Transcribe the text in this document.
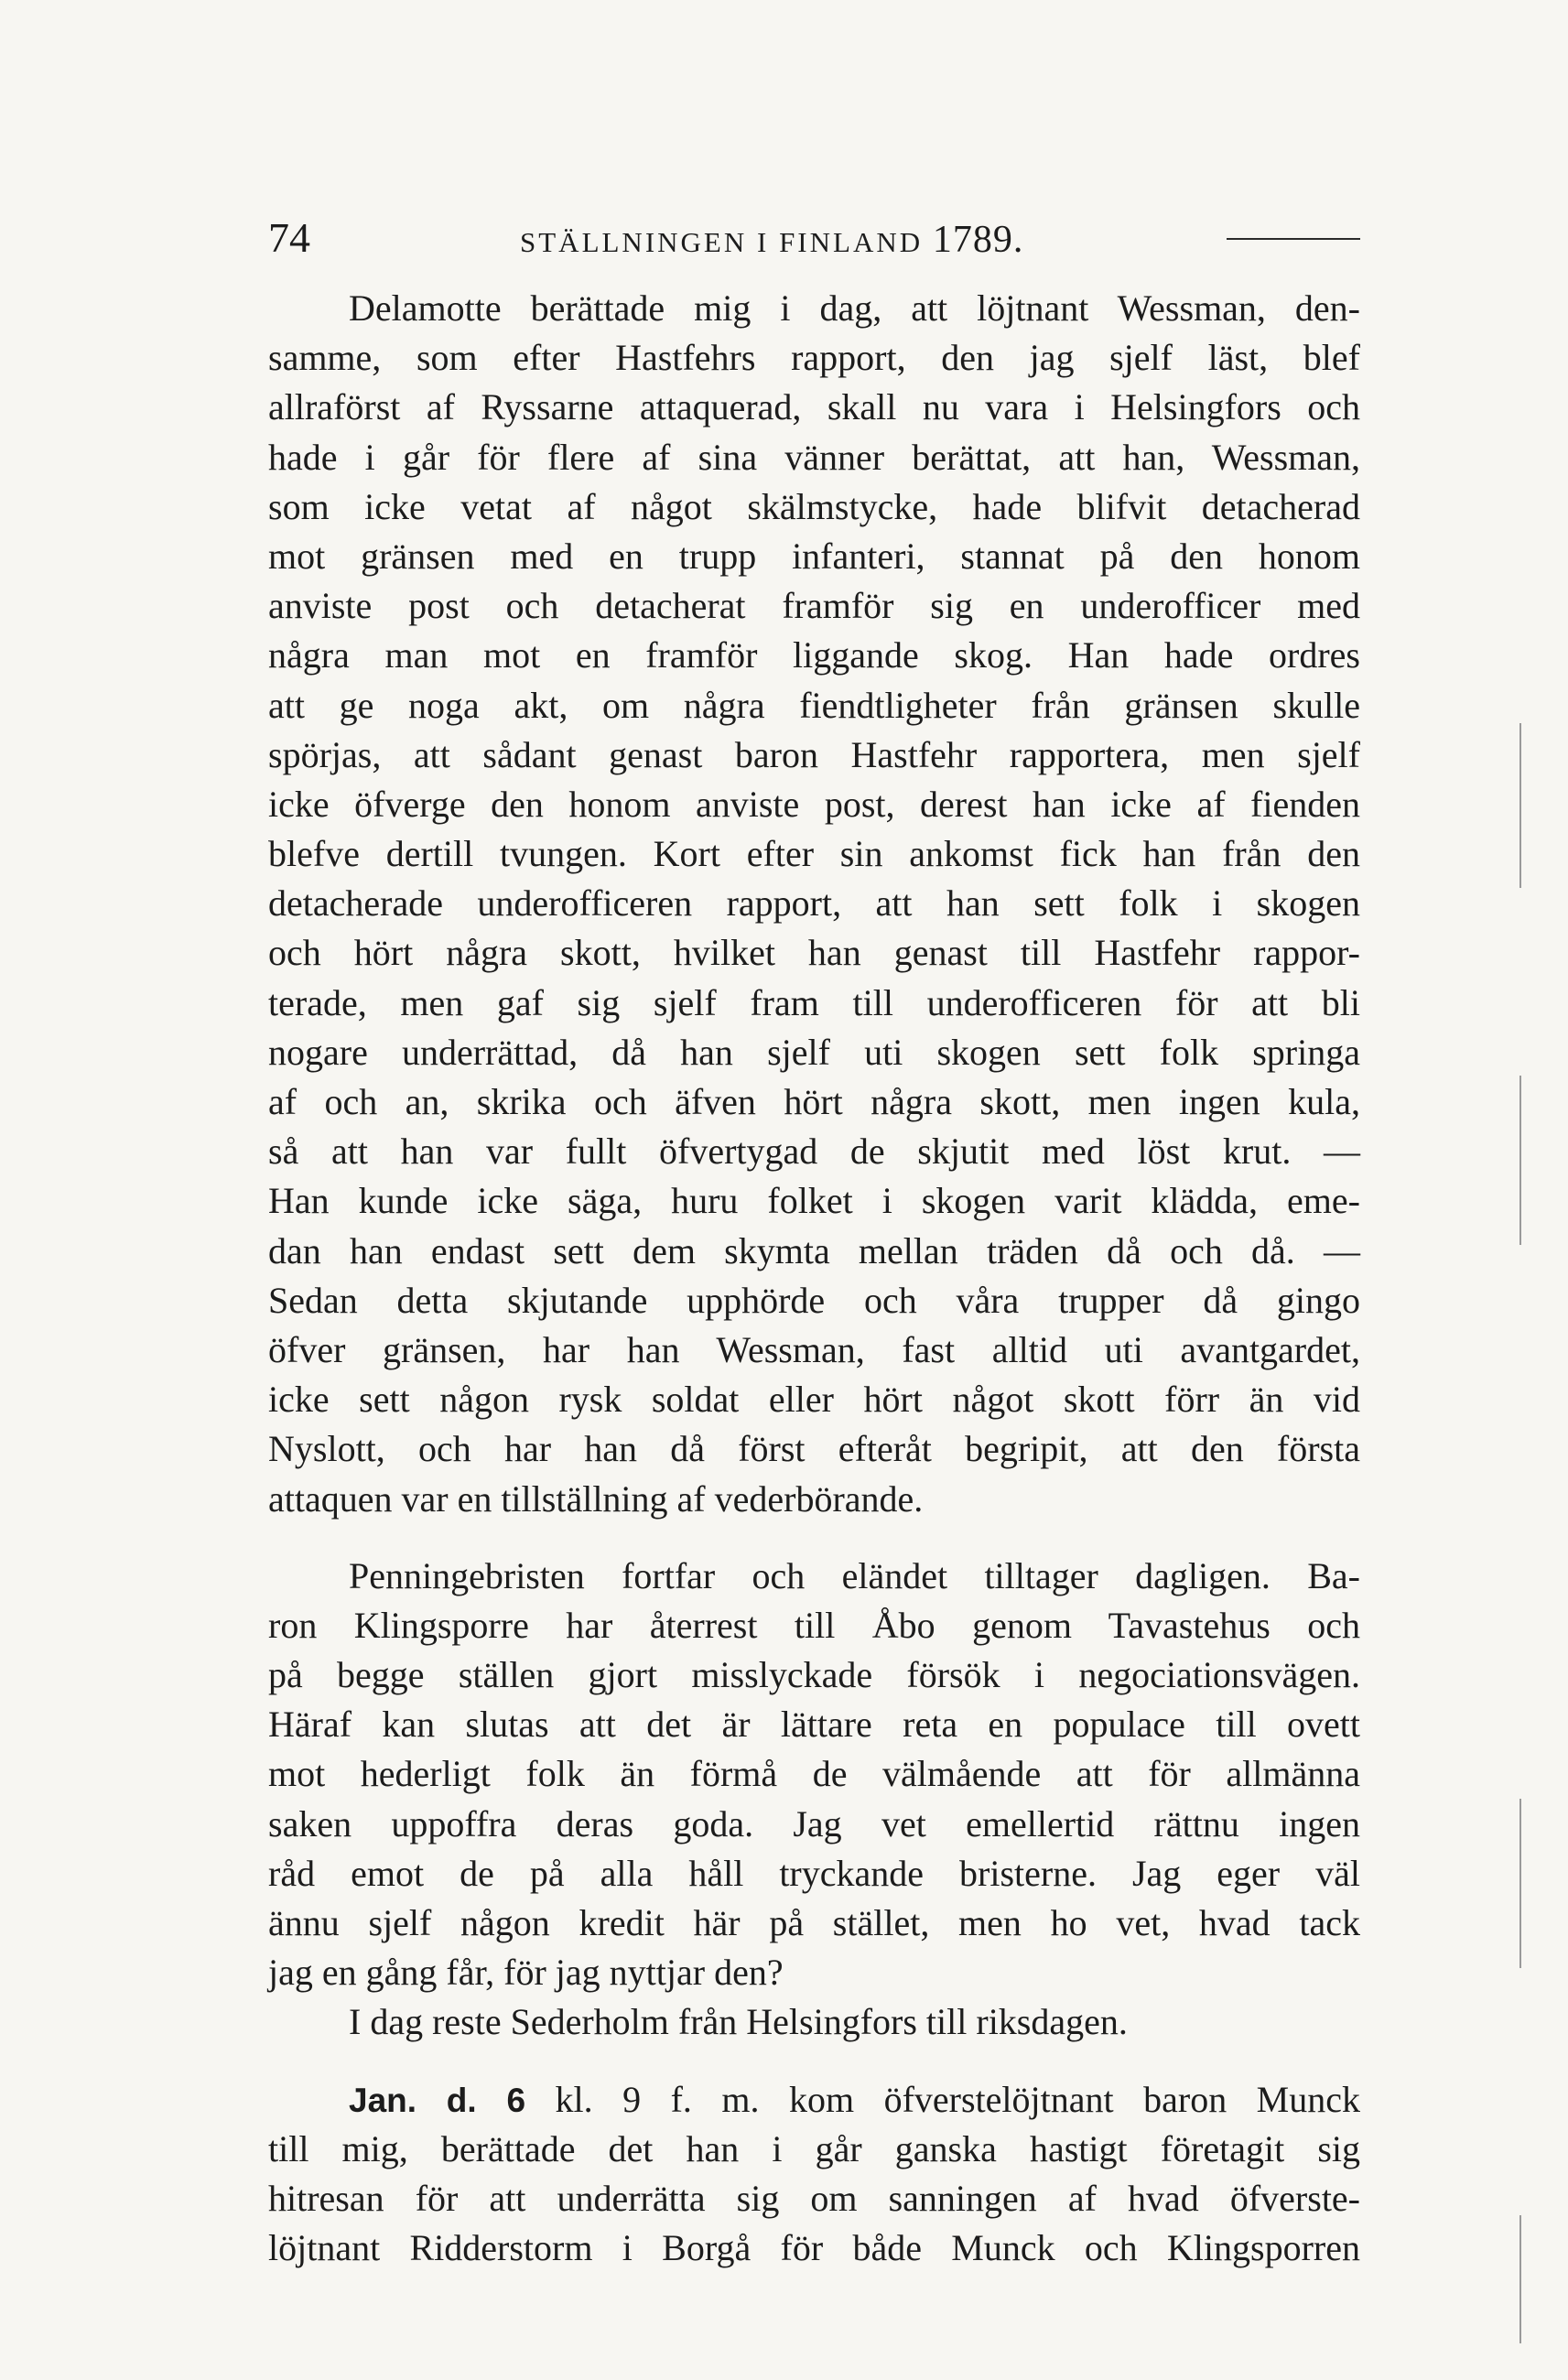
74	STÄLLNINGEN I FINLAND 1789.
Delamotte berättade mig i dag, att löjtnant Wessman, den-
samme, som efter Hastfehrs rapport, den jag sjelf läst, blef
allraförst af Ryssarne attaquerad, skall nu vara i Helsingfors och
hade i går för flere af sina vänner berättat, att han, Wessman,
som icke vetat af något skälmstycke, hade blifvit detacherad
mot gränsen med en trupp infanteri, stannat på den honom
anviste post och detacherat framför sig en underofficer med
några man mot en framför liggande skog. Han hade ordres
att ge noga akt, om några fiendtligheter från gränsen skulle
spörjas, att sådant genast baron Hastfehr rapportera, men sjelf
icke öfverge den honom anviste post, derest han icke af fienden
blefve dertill tvungen. Kort efter sin ankomst fick han från den
detacherade underofficeren rapport, att han sett folk i skogen
och hört några skott, hvilket han genast till Hastfehr rappor-
terade, men gaf sig sjelf fram till underofficeren för att bli
nogare underrättad, då han sjelf uti skogen sett folk springa
af och an, skrika och äfven hört några skott, men ingen kula,
så att han var fullt öfvertygad de skjutit med löst krut. —
Han kunde icke säga, huru folket i skogen varit klädda, eme-
dan han endast sett dem skymta mellan träden då och då. —
Sedan detta skjutande upphörde och våra trupper då gingo
öfver gränsen, har han Wessman, fast alltid uti avantgardet,
icke sett någon rysk soldat eller hört något skott förr än vid
Nyslott, och har han då först efteråt begripit, att den första
attaquen var en tillställning af vederbörande.
Penningebristen fortfar och eländet tilltager dagligen. Ba-
ron Klingsporre har återrest till Åbo genom Tavastehus och
på begge ställen gjort misslyckade försök i negociationsvägen.
Häraf kan slutas att det är lättare reta en populace till ovett
mot hederligt folk än förmå de välmående att för allmänna
saken uppoffra deras goda. Jag vet emellertid rättnu ingen
råd emot de på alla håll tryckande bristerne. Jag eger väl
ännu sjelf någon kredit här på stället, men ho vet, hvad tack
jag en gång får, för jag nyttjar den?
I dag reste Sederholm från Helsingfors till riksdagen.
Jan. d. 6 kl. 9 f. m. kom öfverstelöjtnant baron Munck
till mig, berättade det han i går ganska hastigt företagit sig
hitresan för att underrätta sig om sanningen af hvad öfverste-
löjtnant Ridderstorm i Borgå för både Munck och Klingsporren
